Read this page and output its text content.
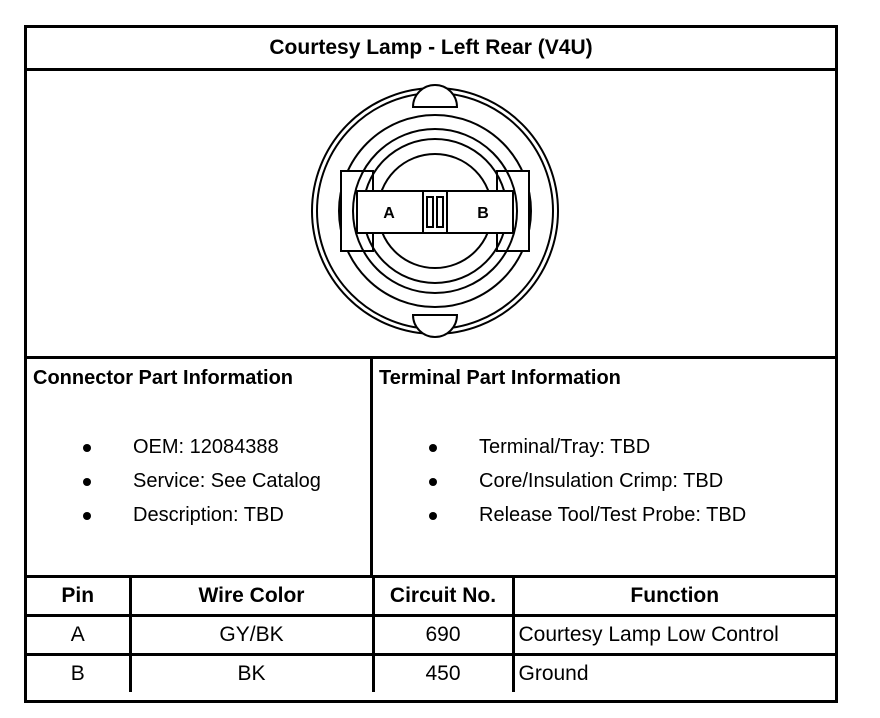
Courtesy Lamp - Left Rear (V4U)
A	B
Connector Part Information
OEM: 12084388
Service: See Catalog
Description: TBD
Terminal Part Information
Terminal/Tray: TBD
Core/Insulation Crimp: TBD
Release Tool/Test Probe: TBD
Pin	Wire Color	Circuit No.	Function
A	GY/BK	690	Courtesy Lamp Low Control
B	BK	450	Ground
